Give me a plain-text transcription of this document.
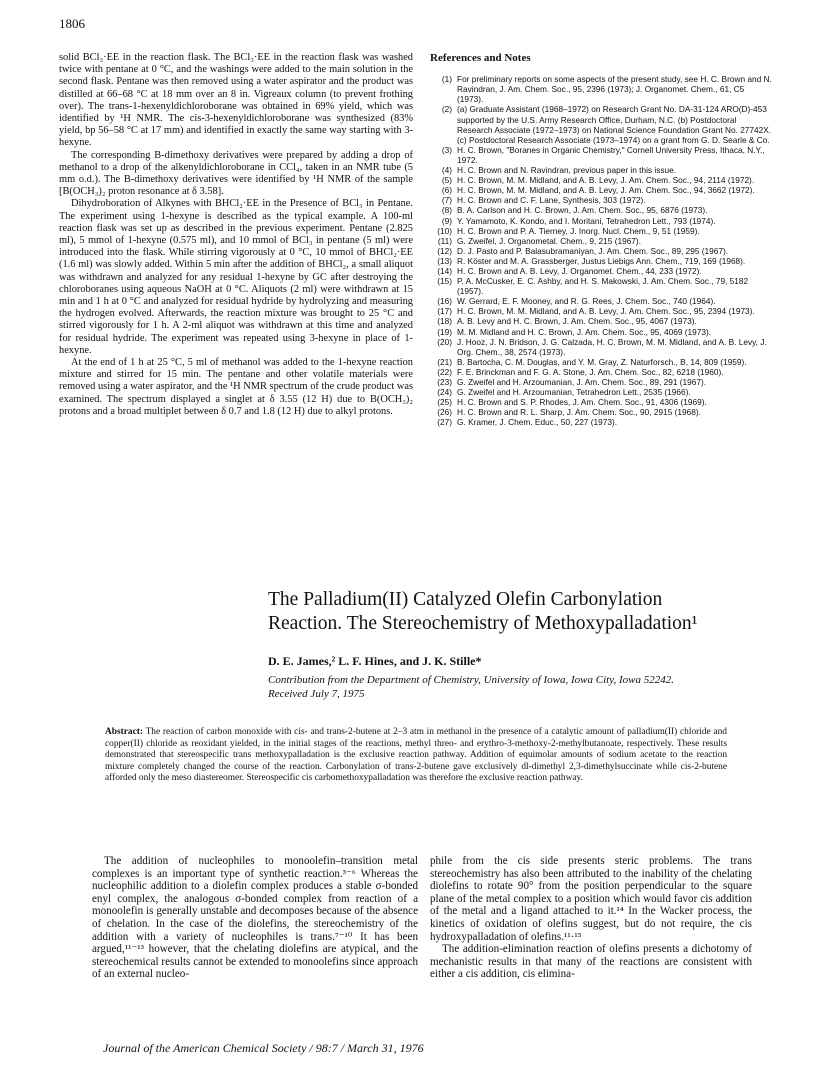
1806

solid BCl₃·EE in the reaction flask. The BCl₃·EE in the reaction flask was washed twice with pentane at 0 °C, and the washings were added to the main solution in the second flask. Pentane was then removed using a water aspirator and the product was distilled at 66–68 °C at 18 mm over an 8 in. Vigreaux column (to prevent frothing over). The trans-1-hexenyldichloroborane was obtained in 69% yield, which was identified by ¹H NMR. The cis-3-hexenyldichloroborane was synthesized (83% yield, bp 56–58 °C at 17 mm) and identified in exactly the same way starting with 3-hexyne.

The corresponding B-dimethoxy derivatives were prepared by adding a drop of methanol to a drop of the alkenyldichloroborane in CCl₄, taken in an NMR tube (5 mm o.d.). The B-dimethoxy derivatives were identified by ¹H NMR of the sample [B(OCH₃)₂ proton resonance at δ 3.58].

Dihydroboration of Alkynes with BHCl₂·EE in the Presence of BCl₃ in Pentane. The experiment using 1-hexyne is described as the typical example. A 100-ml reaction flask was set up as described in the previous experiment. Pentane (2.825 ml), 5 mmol of 1-hexyne (0.575 ml), and 10 mmol of BCl₃ in pentane (5 ml) were introduced into the flask. While stirring vigorously at 0 °C, 10 mmol of BHCl₂·EE (1.6 ml) was slowly added. Within 5 min after the addition of BHCl₂, a small aliquot was withdrawn and analyzed for any residual 1-hexyne by GC after destroying the chloroboranes using aqueous NaOH at 0 °C. Aliquots (2 ml) were withdrawn at 15 min and 1 h at 0 °C and analyzed for residual hydride by hydrolyzing and measuring the hydrogen evolved. Afterwards, the reaction mixture was brought to 25 °C and stirred vigorously for 1 h. A 2-ml aliquot was withdrawn at this time and analyzed for residual hydride. The experiment was repeated using 3-hexyne in place of 1-hexyne.

At the end of 1 h at 25 °C, 5 ml of methanol was added to the 1-hexyne reaction mixture and stirred for 15 min. The pentane and other volatile materials were removed using a water aspirator, and the ¹H NMR spectrum of the crude product was examined. The spectrum displayed a singlet at δ 3.55 (12 H) due to B(OCH₃)₂ protons and a broad multiplet between δ 0.7 and 1.8 (12 H) due to alkyl protons.

References and Notes
(1) For preliminary reports on some aspects of the present study, see H. C. Brown and N. Ravindran, J. Am. Chem. Soc., 95, 2396 (1973); J. Organomet. Chem., 61, C5 (1973).
(2) (a) Graduate Assistant (1968–1972) on Research Grant No. DA-31-124 ARO(D)-453 supported by the U.S. Army Research Office, Durham, N.C. (b) Postdoctoral Research Associate (1972–1973) on National Science Foundation Grant No. 27742X. (c) Postdoctoral Research Associate (1973–1974) on a grant from G. D. Searle & Co.
(3) H. C. Brown, "Boranes in Organic Chemistry," Cornell University Press, Ithaca, N.Y., 1972.
(4) H. C. Brown and N. Ravindran, previous paper in this issue.
(5) H. C. Brown, M. M. Midland, and A. B. Levy, J. Am. Chem. Soc., 94, 2114 (1972).
(6) H. C. Brown, M. M. Midland, and A. B. Levy, J. Am. Chem. Soc., 94, 3662 (1972).
(7) H. C. Brown and C. F. Lane, Synthesis, 303 (1972).
(8) B. A. Carlson and H. C. Brown, J. Am. Chem. Soc., 95, 6876 (1973).
(9) Y. Yamamoto, K. Kondo, and I. Moritani, Tetrahedron Lett., 793 (1974).
(10) H. C. Brown and P. A. Tierney, J. Inorg. Nucl. Chem., 9, 51 (1959).
(11) G. Zweifel, J. Organometal. Chem., 9, 215 (1967).
(12) D. J. Pasto and P. Balasubramaniyan, J. Am. Chem. Soc., 89, 295 (1967).
(13) R. Köster and M. A. Grassberger, Justus Liebigs Ann. Chem., 719, 169 (1968).
(14) H. C. Brown and A. B. Levy, J. Organomet. Chem., 44, 233 (1972).
(15) P. A. McCusker, E. C. Ashby, and H. S. Makowski, J. Am. Chem. Soc., 79, 5182 (1957).
(16) W. Gerrard, E. F. Mooney, and R. G. Rees, J. Chem. Soc., 740 (1964).
(17) H. C. Brown, M. M. Midland, and A. B. Levy, J. Am. Chem. Soc., 95, 2394 (1973).
(18) A. B. Levy and H. C. Brown, J. Am. Chem. Soc., 95, 4067 (1973).
(19) M. M. Midland and H. C. Brown, J. Am. Chem. Soc., 95, 4069 (1973).
(20) J. Hooz, J. N. Bridson, J. G. Calzada, H. C. Brown, M. M. Midland, and A. B. Levy, J. Org. Chem., 38, 2574 (1973).
(21) B. Bartocha, C. M. Douglas, and Y. M. Gray, Z. Naturforsch., B, 14, 809 (1959).
(22) F. E. Brinckman and F. G. A. Stone, J. Am. Chem. Soc., 82, 6218 (1960).
(23) G. Zweifel and H. Arzoumanian, J. Am. Chem. Soc., 89, 291 (1967).
(24) G. Zweifel and H. Arzoumanian, Tetrahedron Lett., 2535 (1966).
(25) H. C. Brown and S. P. Rhodes, J. Am. Chem. Soc., 91, 4306 (1969).
(26) H. C. Brown and R. L. Sharp, J. Am. Chem. Soc., 90, 2915 (1968).
(27) G. Kramer, J. Chem. Educ., 50, 227 (1973).
The Palladium(II) Catalyzed Olefin Carbonylation
Reaction. The Stereochemistry of Methoxypalladation¹
D. E. James,² L. F. Hines, and J. K. Stille*
Contribution from the Department of Chemistry, University of Iowa, Iowa City, Iowa 52242.
Received July 7, 1975
Abstract: The reaction of carbon monoxide with cis- and trans-2-butene at 2–3 atm in methanol in the presence of a catalytic amount of palladium(II) chloride and copper(II) chloride as reoxidant yielded, in the initial stages of the reactions, methyl threo- and erythro-3-methoxy-2-methylbutanoate, respectively. These results demonstrated that stereospecific trans methoxypalladation is the exclusive reaction pathway. Addition of equimolar amounts of sodium acetate to the reaction mixture completely changed the course of the reaction. Carbonylation of trans-2-butene gave exclusively dl-dimethyl 2,3-dimethylsuccinate while cis-2-butene afforded only the meso diastereomer. Stereospecific cis carbomethoxypalladation was therefore the exclusive reaction pathway.

The addition of nucleophiles to monoolefin–transition metal complexes is an important type of synthetic reaction.³⁻⁶ Whereas the nucleophilic addition to a diolefin complex produces a stable σ-bonded enyl complex, the analogous σ-bonded complex from reaction of a monoolefin is generally unstable and decomposes because of the absence of chelation. In the case of the diolefins, the stereochemistry of the addition with a variety of nucleophiles is trans.⁷⁻¹⁰ It has been argued,¹¹⁻¹³ however, that the chelating diolefins are atypical, and the stereochemical results cannot be extended to monoolefins since approach of an external nucleo-

phile from the cis side presents steric problems. The trans stereochemistry has also been attributed to the inability of the chelating diolefins to rotate 90° from the position perpendicular to the square plane of the metal complex to a position which would favor cis addition of the metal and a ligand attached to it.¹⁴ In the Wacker process, the kinetics of oxidation of olefins suggest, but do not require, the cis hydroxypalladation of olefins.¹¹·¹⁵

The addition-elimination reaction of olefins presents a dichotomy of mechanistic results in that many of the reactions are consistent with either a cis addition, cis elimina-

Journal of the American Chemical Society / 98:7 / March 31, 1976
